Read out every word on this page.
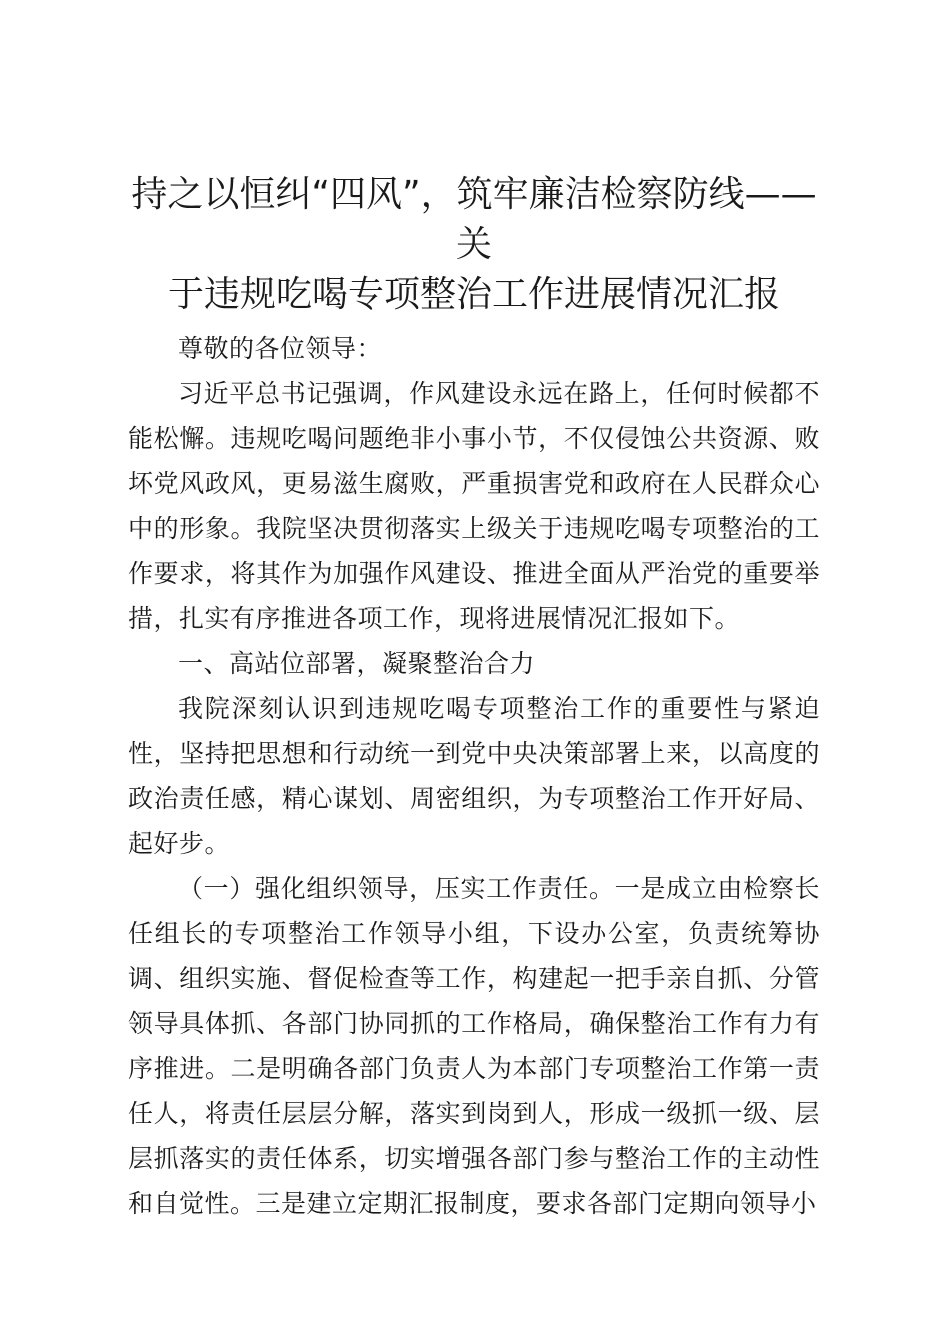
持之以恒纠“四风”，筑牢廉洁检察防线——关
于违规吃喝专项整治工作进展情况汇报

尊敬的各位领导：

习近平总书记强调，作风建设永远在路上，任何时候都不能松懈。违规吃喝问题绝非小事小节，不仅侵蚀公共资源、败坏党风政风，更易滋生腐败，严重损害党和政府在人民群众心中的形象。我院坚决贯彻落实上级关于违规吃喝专项整治的工作要求，将其作为加强作风建设、推进全面从严治党的重要举措，扎实有序推进各项工作，现将进展情况汇报如下。

一、高站位部署，凝聚整治合力

我院深刻认识到违规吃喝专项整治工作的重要性与紧迫性，坚持把思想和行动统一到党中央决策部署上来，以高度的政治责任感，精心谋划、周密组织，为专项整治工作开好局、起好步。

（一）强化组织领导，压实工作责任。一是成立由检察长任组长的专项整治工作领导小组，下设办公室，负责统筹协调、组织实施、督促检查等工作，构建起一把手亲自抓、分管领导具体抓、各部门协同抓的工作格局，确保整治工作有力有序推进。二是明确各部门负责人为本部门专项整治工作第一责任人，将责任层层分解，落实到岗到人，形成一级抓一级、层层抓落实的责任体系，切实增强各部门参与整治工作的主动性和自觉性。三是建立定期汇报制度，要求各部门定期向领导小
